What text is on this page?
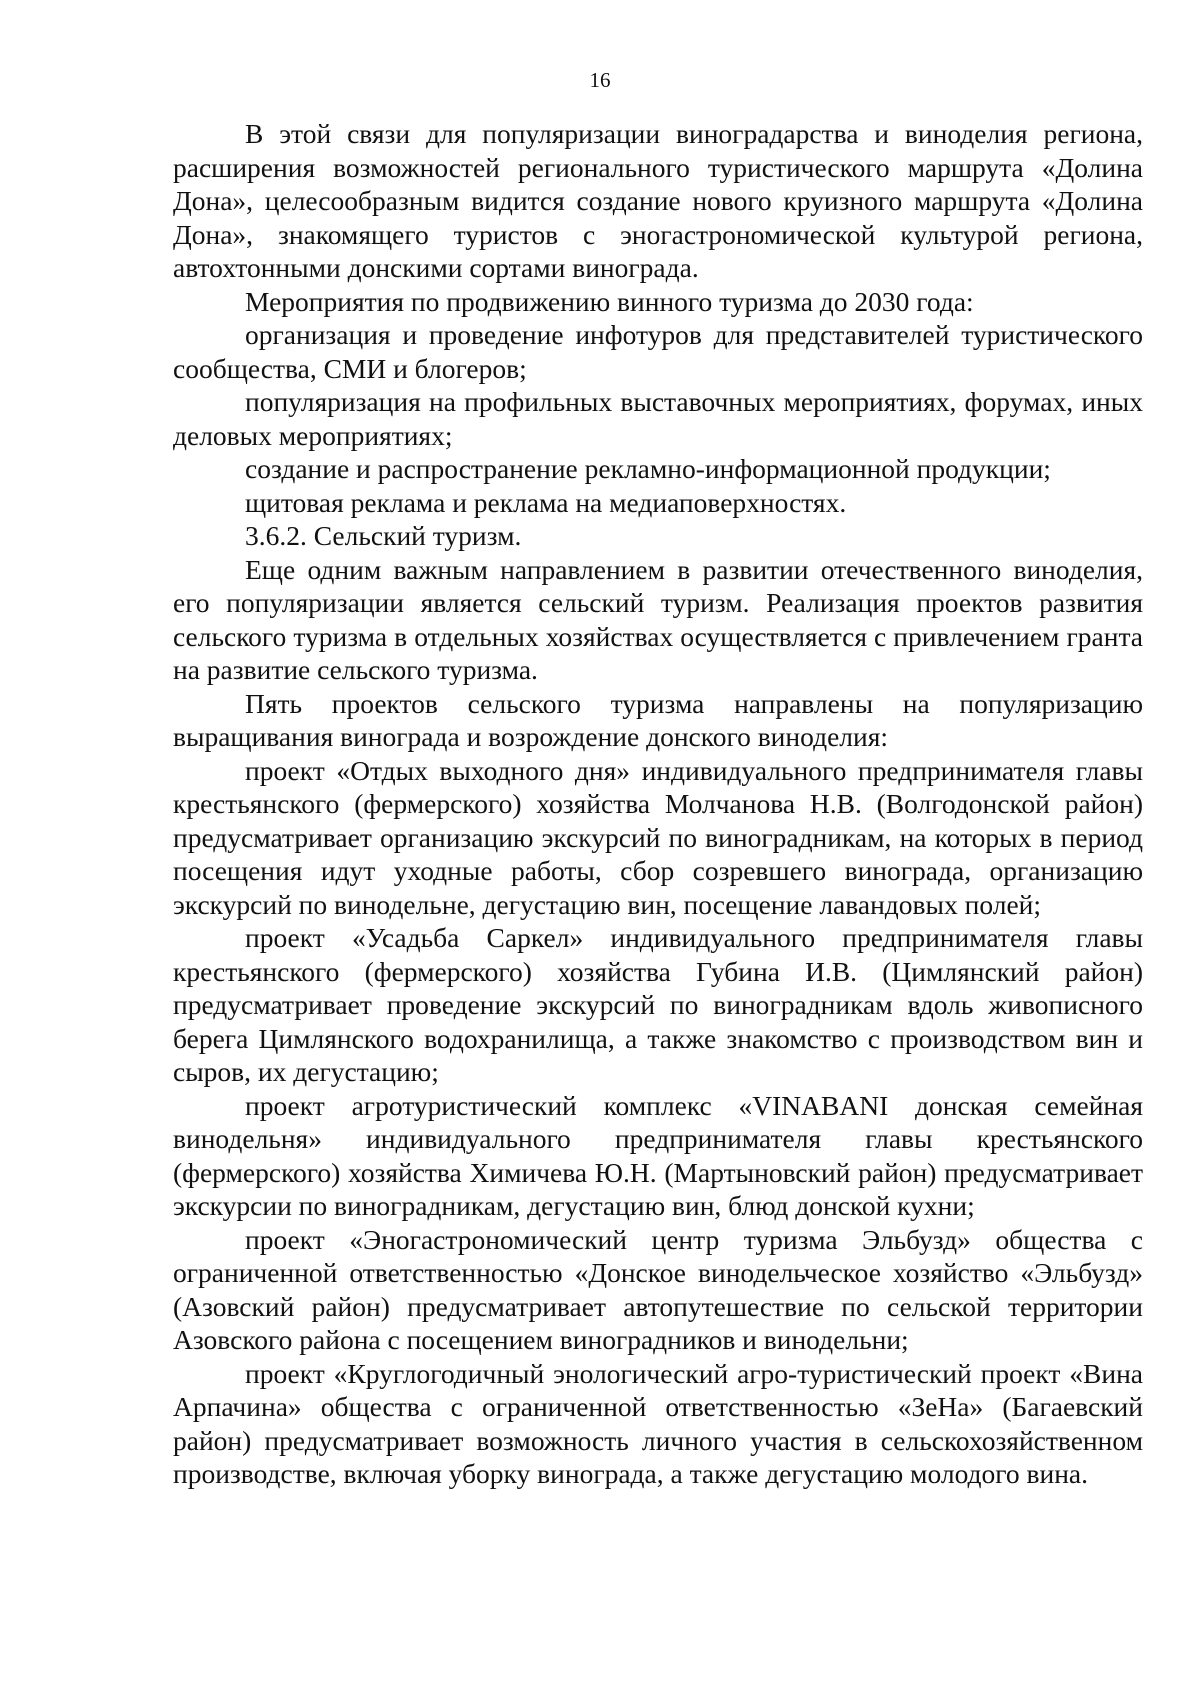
16

В этой связи для популяризации виноградарства и виноделия региона, расширения возможностей регионального туристического маршрута «Долина Дона», целесообразным видится создание нового круизного маршрута «Долина Дона», знакомящего туристов с эногастрономической культурой региона, автохтонными донскими сортами винограда.

Мероприятия по продвижению винного туризма до 2030 года:

организация и проведение инфотуров для представителей туристического сообщества, СМИ и блогеров;

популяризация на профильных выставочных мероприятиях, форумах, иных деловых мероприятиях;

создание и распространение рекламно-информационной продукции;

щитовая реклама и реклама на медиаповерхностях.

3.6.2. Сельский туризм.

Еще одним важным направлением в развитии отечественного виноделия, его популяризации является сельский туризм. Реализация проектов развития сельского туризма в отдельных хозяйствах осуществляется с привлечением гранта на развитие сельского туризма.

Пять проектов сельского туризма направлены на популяризацию выращивания винограда и возрождение донского виноделия:

проект «Отдых выходного дня» индивидуального предпринимателя главы крестьянского (фермерского) хозяйства Молчанова Н.В. (Волгодонской район) предусматривает организацию экскурсий по виноградникам, на которых в период посещения идут уходные работы, сбор созревшего винограда, организацию экскурсий по винодельне, дегустацию вин, посещение лавандовых полей;

проект «Усадьба Саркел» индивидуального предпринимателя главы крестьянского (фермерского) хозяйства Губина И.В. (Цимлянский район) предусматривает проведение экскурсий по виноградникам вдоль живописного берега Цимлянского водохранилища, а также знакомство с производством вин и сыров, их дегустацию;

проект агротуристический комплекс «VINABANI донская семейная винодельня» индивидуального предпринимателя главы крестьянского (фермерского) хозяйства Химичева Ю.Н. (Мартыновский район) предусматривает экскурсии по виноградникам, дегустацию вин, блюд донской кухни;

проект «Эногастрономический центр туризма Эльбузд» общества с ограниченной ответственностью «Донское винодельческое хозяйство «Эльбузд» (Азовский район) предусматривает автопутешествие по сельской территории Азовского района с посещением виноградников и винодельни;

проект «Круглогодичный энологический агро-туристический проект «Вина Арпачина» общества с ограниченной ответственностью «ЗеНа» (Багаевский район) предусматривает возможность личного участия в сельскохозяйственном производстве, включая уборку винограда, а также дегустацию молодого вина.
